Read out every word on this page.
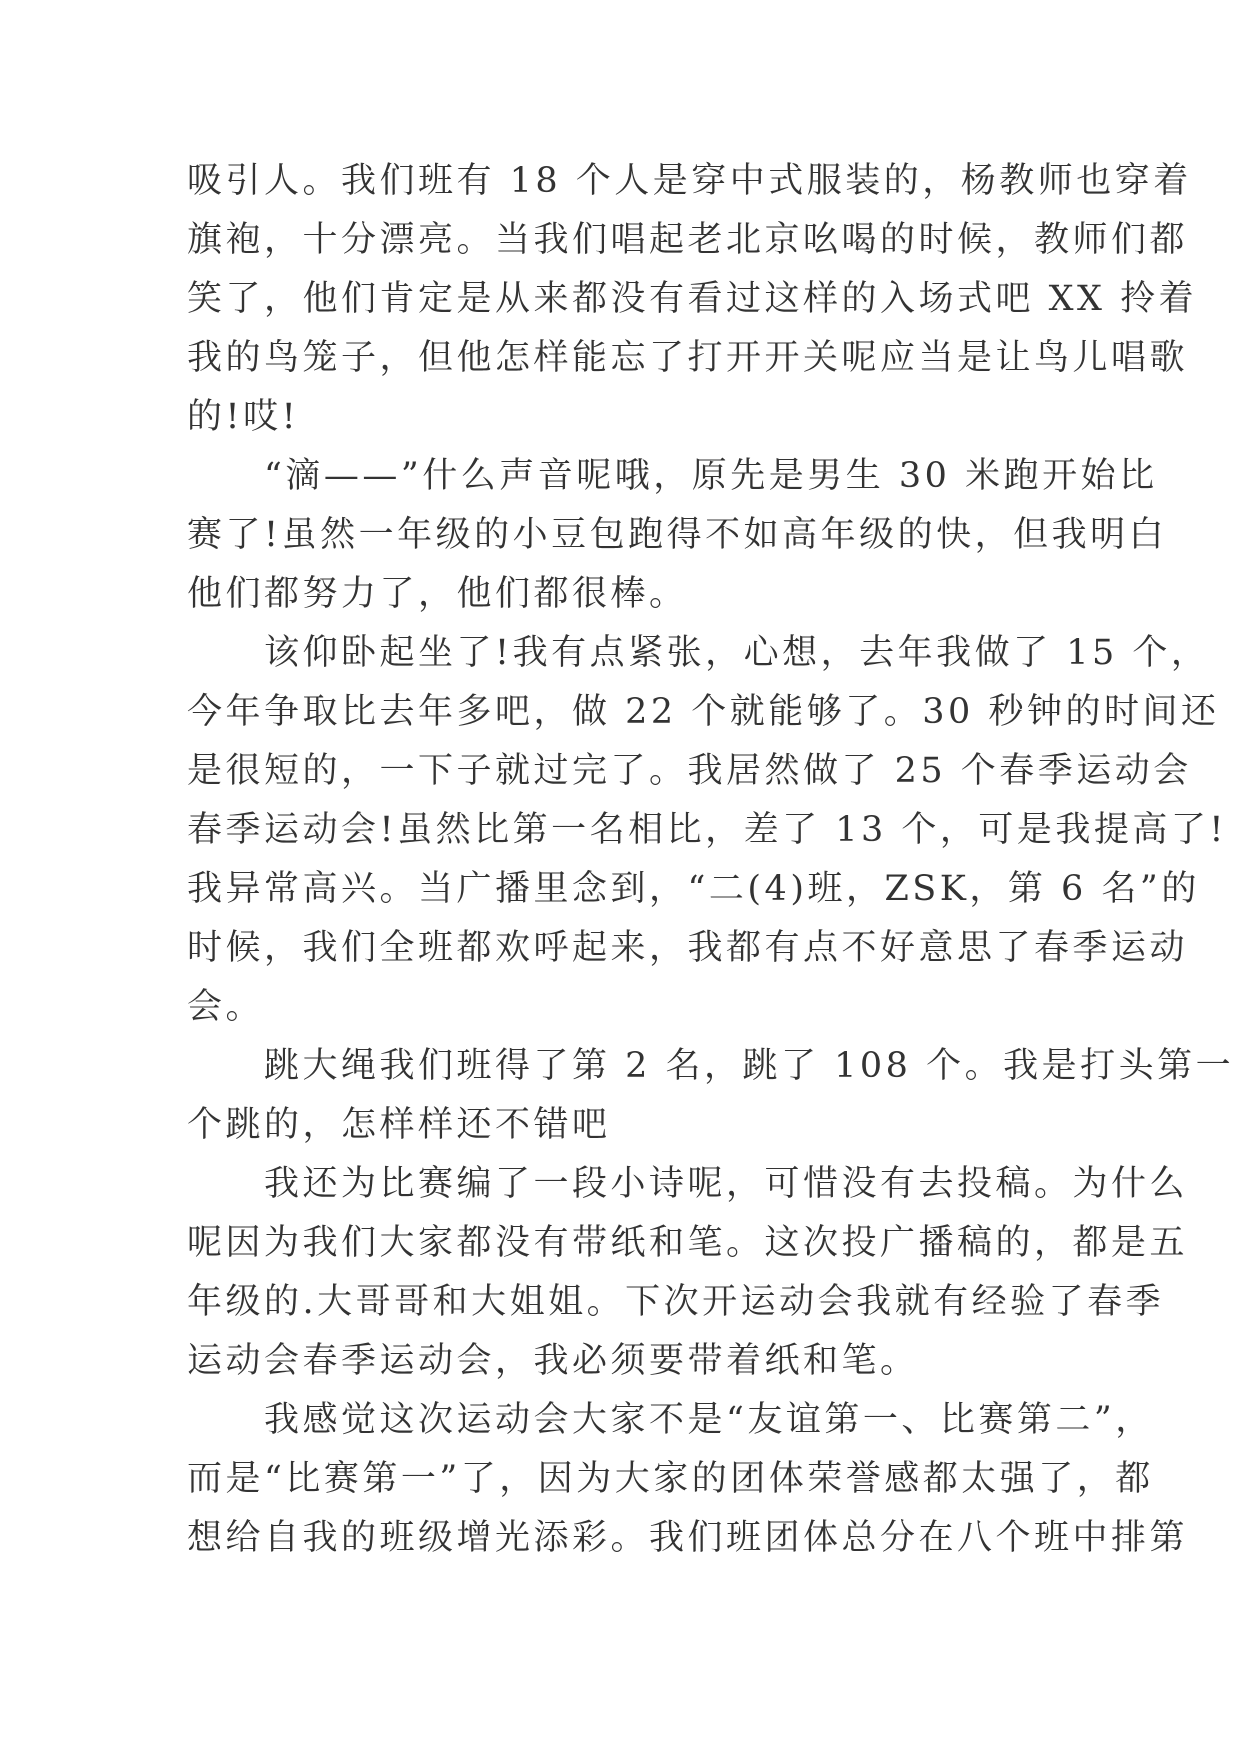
吸引人。我们班有 18 个人是穿中式服装的，杨教师也穿着
旗袍，十分漂亮。当我们唱起老北京吆喝的时候，教师们都
笑了，他们肯定是从来都没有看过这样的入场式吧 XX 拎着
我的鸟笼子，但他怎样能忘了打开开关呢应当是让鸟儿唱歌
的!哎!
“滴——”什么声音呢哦，原先是男生 30 米跑开始比
赛了!虽然一年级的小豆包跑得不如高年级的快，但我明白
他们都努力了，他们都很棒。
该仰卧起坐了!我有点紧张，心想，去年我做了 15 个，
今年争取比去年多吧，做 22 个就能够了。30 秒钟的时间还
是很短的，一下子就过完了。我居然做了 25 个春季运动会
春季运动会!虽然比第一名相比，差了 13 个，可是我提高了!
我异常高兴。当广播里念到，“二(4)班，ZSK，第 6 名”的
时候，我们全班都欢呼起来，我都有点不好意思了春季运动
会。
跳大绳我们班得了第 2 名，跳了 108 个。我是打头第一
个跳的，怎样样还不错吧
我还为比赛编了一段小诗呢，可惜没有去投稿。为什么
呢因为我们大家都没有带纸和笔。这次投广播稿的，都是五
年级的.大哥哥和大姐姐。下次开运动会我就有经验了春季
运动会春季运动会，我必须要带着纸和笔。
我感觉这次运动会大家不是“友谊第一、比赛第二”，
而是“比赛第一”了，因为大家的团体荣誉感都太强了，都
想给自我的班级增光添彩。我们班团体总分在八个班中排第
